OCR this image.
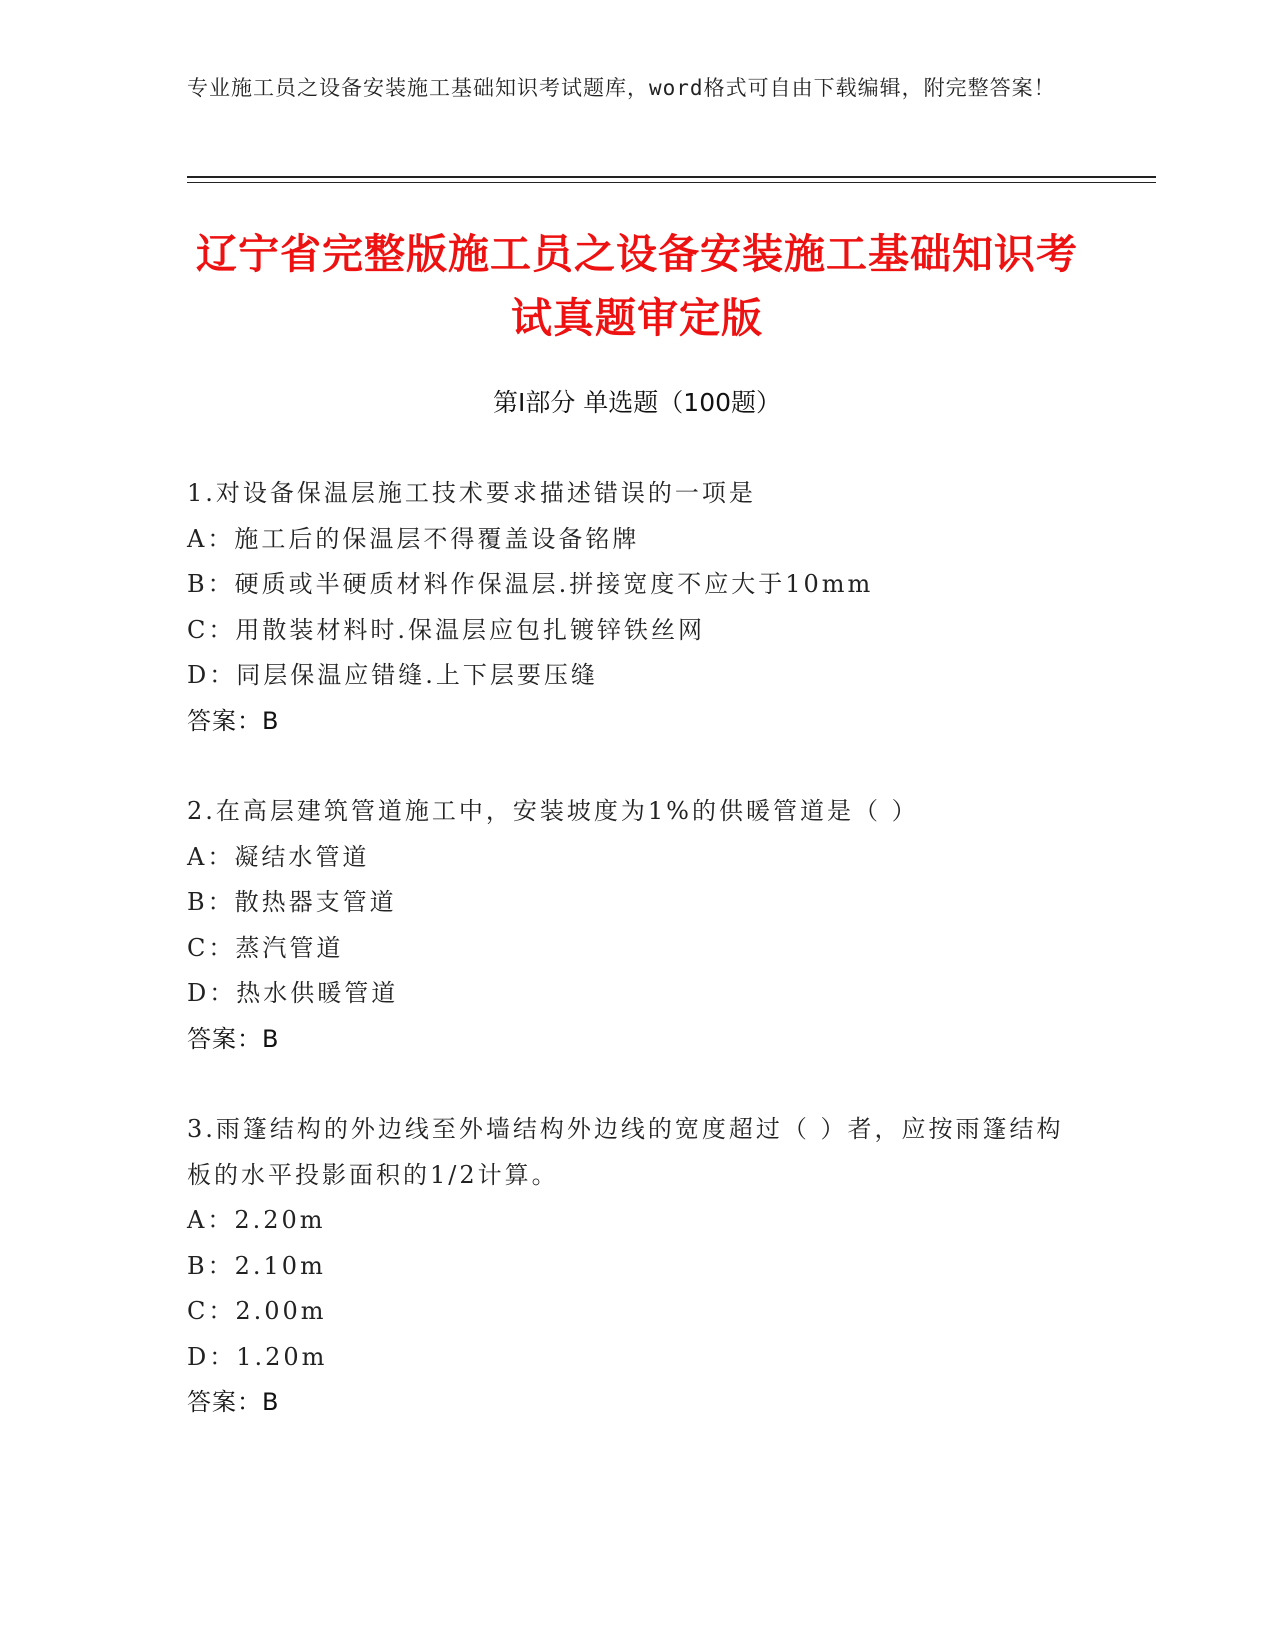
专业施工员之设备安装施工基础知识考试题库，word格式可自由下载编辑，附完整答案！
辽宁省完整版施工员之设备安装施工基础知识考试真题审定版
第Ⅰ部分 单选题（100题）
1.对设备保温层施工技术要求描述错误的一项是
A：施工后的保温层不得覆盖设备铭牌
B：硬质或半硬质材料作保温层.拼接宽度不应大于10mm
C：用散装材料时.保温层应包扎镀锌铁丝网
D：同层保温应错缝.上下层要压缝
答案：B
2.在高层建筑管道施工中，安装坡度为1%的供暖管道是（ ）
A：凝结水管道
B：散热器支管道
C：蒸汽管道
D：热水供暖管道
答案：B
3.雨篷结构的外边线至外墙结构外边线的宽度超过（ ）者，应按雨篷结构板的水平投影面积的1/2计算。
A：2.20m
B：2.10m
C：2.00m
D：1.20m
答案：B
